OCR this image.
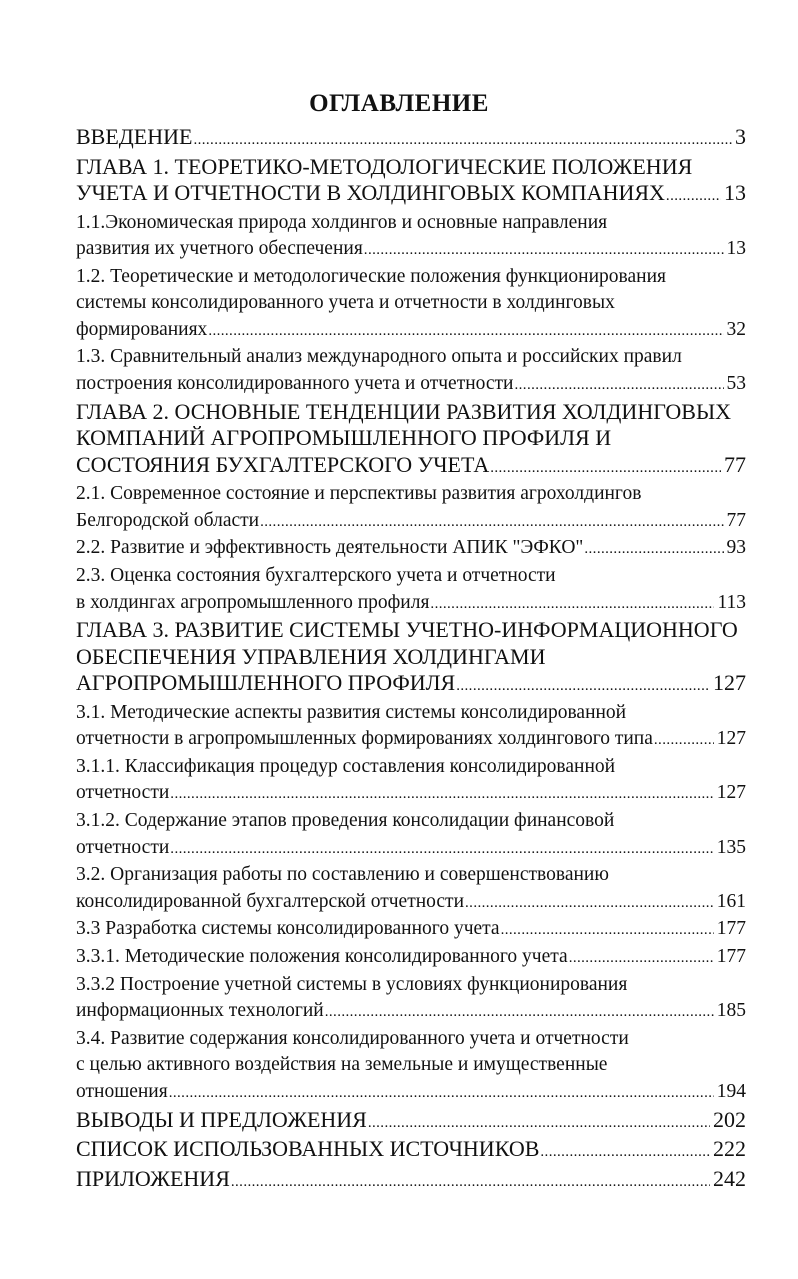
ОГЛАВЛЕНИЕ
ВВЕДЕНИЕ .....	3
ГЛАВА 1. ТЕОРЕТИКО-МЕТОДОЛОГИЧЕСКИЕ ПОЛОЖЕНИЯ
УЧЕТА И ОТЧЕТНОСТИ В ХОЛДИНГОВЫХ КОМПАНИЯХ .....	13
1.1.Экономическая природа холдингов и основные направления
развития их учетного обеспечения .....	13
1.2. Теоретические и методологические положения функционирования
системы консолидированного учета и отчетности в холдинговых
формированиях .....	32
1.3. Сравнительный анализ международного опыта и российских правил
построения консолидированного учета и отчетности .....	53
ГЛАВА 2. ОСНОВНЫЕ ТЕНДЕНЦИИ РАЗВИТИЯ ХОЛДИНГОВЫХ
КОМПАНИЙ АГРОПРОМЫШЛЕННОГО ПРОФИЛЯ И
СОСТОЯНИЯ БУХГАЛТЕРСКОГО УЧЕТА .....	77
2.1. Современное состояние и перспективы развития агрохолдингов
Белгородской области .....	77
2.2. Развитие и эффективность деятельности АПИК "ЭФКО" .....	93
2.3. Оценка состояния бухгалтерского учета и отчетности
в холдингах агропромышленного профиля .....	113
ГЛАВА 3. РАЗВИТИЕ СИСТЕМЫ УЧЕТНО-ИНФОРМАЦИОННОГО
ОБЕСПЕЧЕНИЯ УПРАВЛЕНИЯ ХОЛДИНГАМИ
АГРОПРОМЫШЛЕННОГО ПРОФИЛЯ .....	127
3.1. Методические аспекты развития системы консолидированной
отчетности в агропромышленных формированиях холдингового типа .....	127
3.1.1. Классификация процедур составления консолидированной
отчетности .....	127
3.1.2. Содержание этапов проведения консолидации финансовой
отчетности .....	135
3.2. Организация работы по составлению и совершенствованию
консолидированной бухгалтерской отчетности .....	161
3.3 Разработка системы консолидированного учета .....	177
3.3.1. Методические положения консолидированного учета .....	177
3.3.2 Построение учетной системы в условиях функционирования
информационных технологий .....	185
3.4. Развитие содержания консолидированного учета и отчетности
с целью активного воздействия на земельные и имущественные
отношения .....	194
ВЫВОДЫ И ПРЕДЛОЖЕНИЯ .....	202
СПИСОК ИСПОЛЬЗОВАННЫХ ИСТОЧНИКОВ .....	222
ПРИЛОЖЕНИЯ .....	242
